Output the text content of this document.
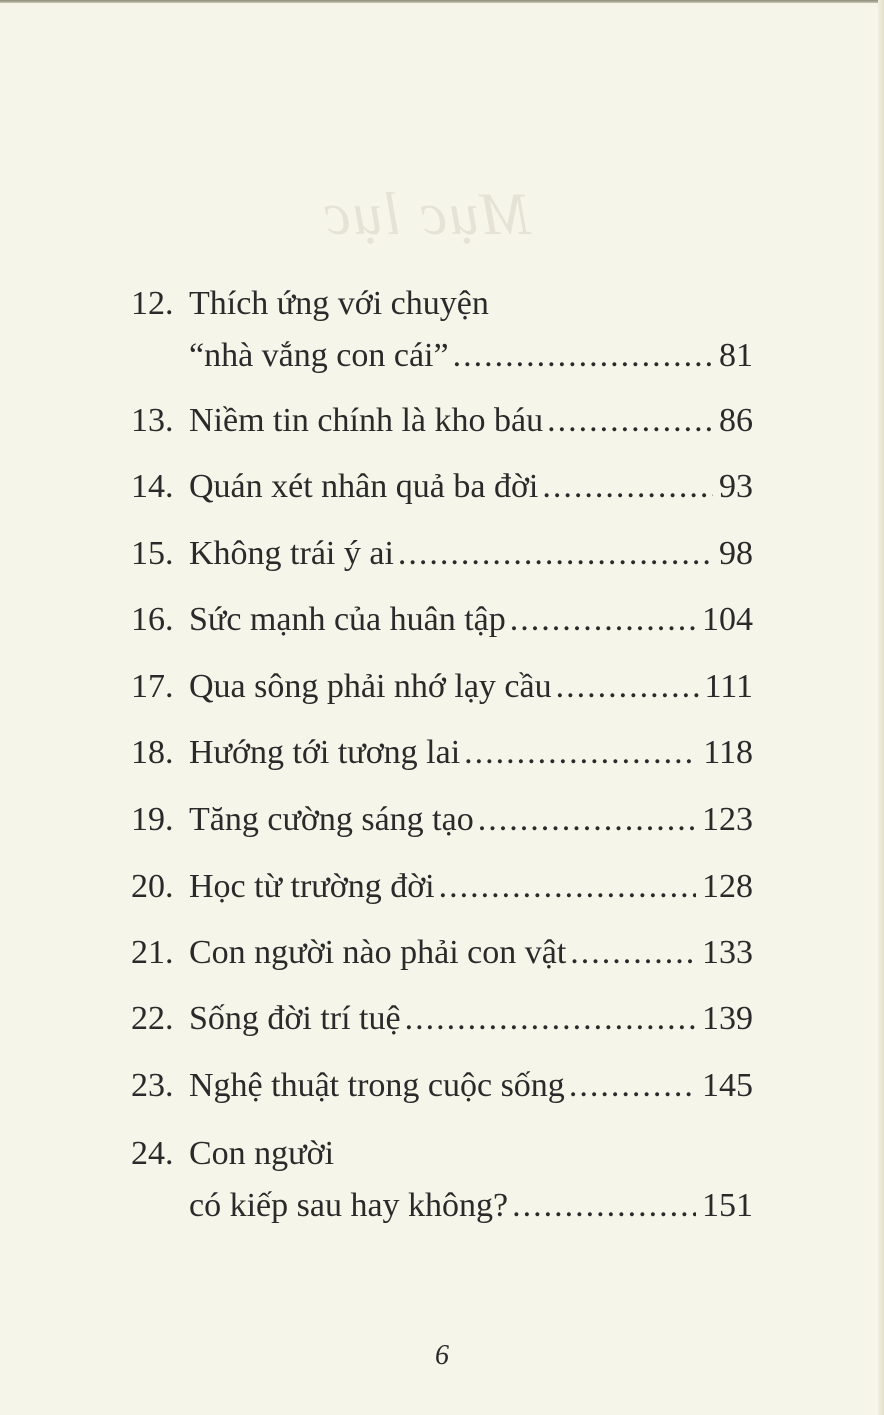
Mục lục
12. Thích ứng với chuyện
“nhà vắng con cái” .....	81
13. Niềm tin chính là kho báu .....	86
14. Quán xét nhân quả ba đời .....	93
15. Không trái ý ai .....	98
16. Sức mạnh của huân tập .....	104
17. Qua sông phải nhớ lạy cầu .....	111
18. Hướng tới tương lai .....	118
19. Tăng cường sáng tạo .....	123
20. Học từ trường đời .....	128
21. Con người nào phải con vật .....	133
22. Sống đời trí tuệ .....	139
23. Nghệ thuật trong cuộc sống .....	145
24. Con người
có kiếp sau hay không? .....	151
6
